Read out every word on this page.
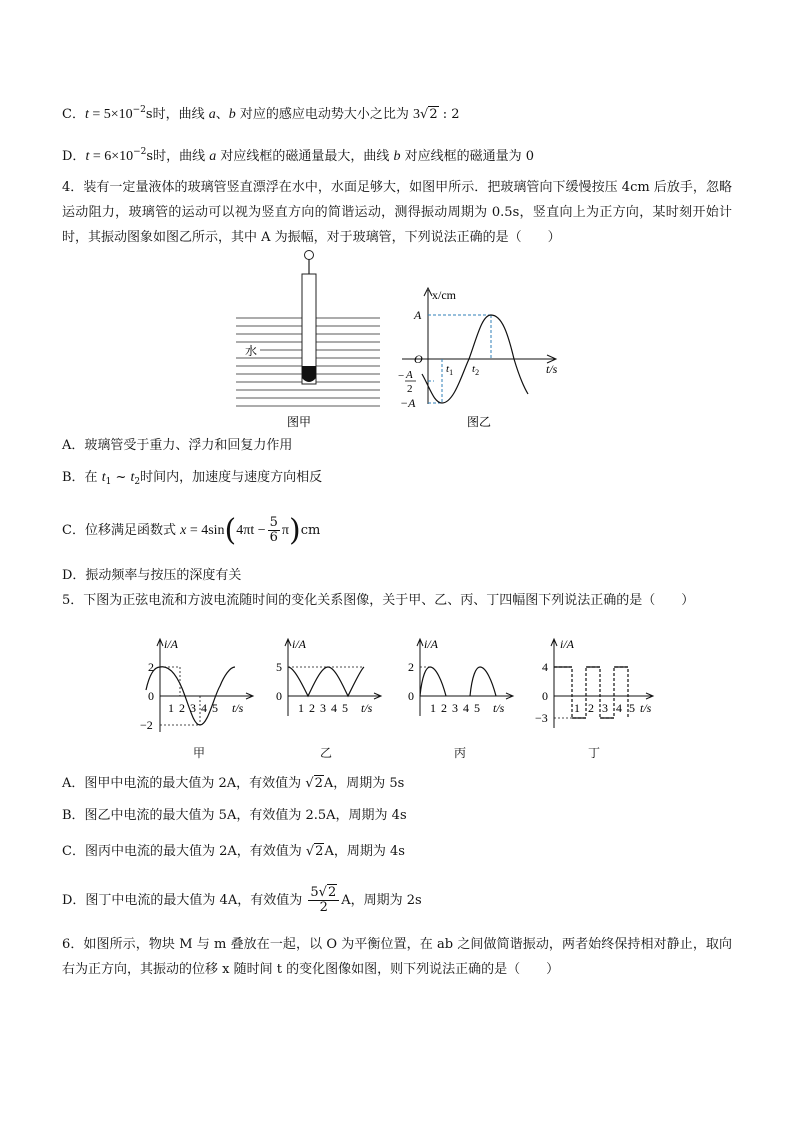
C．$t = 5\times 10^{-2}s$时，曲线 a、b 对应的感应电动势大小之比为 3√2 : 2
D．$t = 6\times 10^{-2}s$时，曲线 a 对应线框的磁通量最大，曲线 b 对应线框的磁通量为 0
4．装有一定量液体的玻璃管竖直漂浮在水中，水面足够大，如图甲所示．把玻璃管向下缓慢按压 4cm 后放手，忽略运动阻力，玻璃管的运动可以视为竖直方向的简谐运动，测得振动周期为 0.5s，竖直向上为正方向，某时刻开始计时，其振动图象如图乙所示，其中 A 为振幅，对于玻璃管，下列说法正确的是（　　）
水
图甲
x/cm
t/s
A
O
− A
2
−A
$t_1$ $t_2$
图乙
A．玻璃管受于重力、浮力和回复力作用
B．在 $t_1$ ~ $t_2$时间内，加速度与速度方向相反
C．位移满足函数式 $x = 4\sin(4\pi t - \frac{5}{6} \pi)cm$
D．振动频率与按压的深度有关
5．下图为正弦电流和方波电流随时间的变化关系图像，关于甲、乙、丙、丁四幅图下列说法正确的是（　　）
i/A
2
0
−2
1 2 3 4 5 t/s
甲
i/A
5
0
1 2 3 4 5 t/s
乙
i/A
2
0
1 2 3 4 5 t/s
丙
i/A
4
0
−3
1 2 3 4 5 t/s
丁
A．图甲中电流的最大值为 2A，有效值为 √2A，周期为 5s
B．图乙中电流的最大值为 5A，有效值为 2.5A，周期为 4s
C．图丙中电流的最大值为 2A，有效值为 √2A，周期为 4s
D．图丁中电流的最大值为 4A，有效值为 $\frac{5√2}{2}$ A，周期为 2s
6．如图所示，物块 M 与 m 叠放在一起，以 O 为平衡位置，在 ab 之间做简谐振动，两者始终保持相对静止，取向右为正方向，其振动的位移 x 随时间 t 的变化图像如图，则下列说法正确的是（　　）
